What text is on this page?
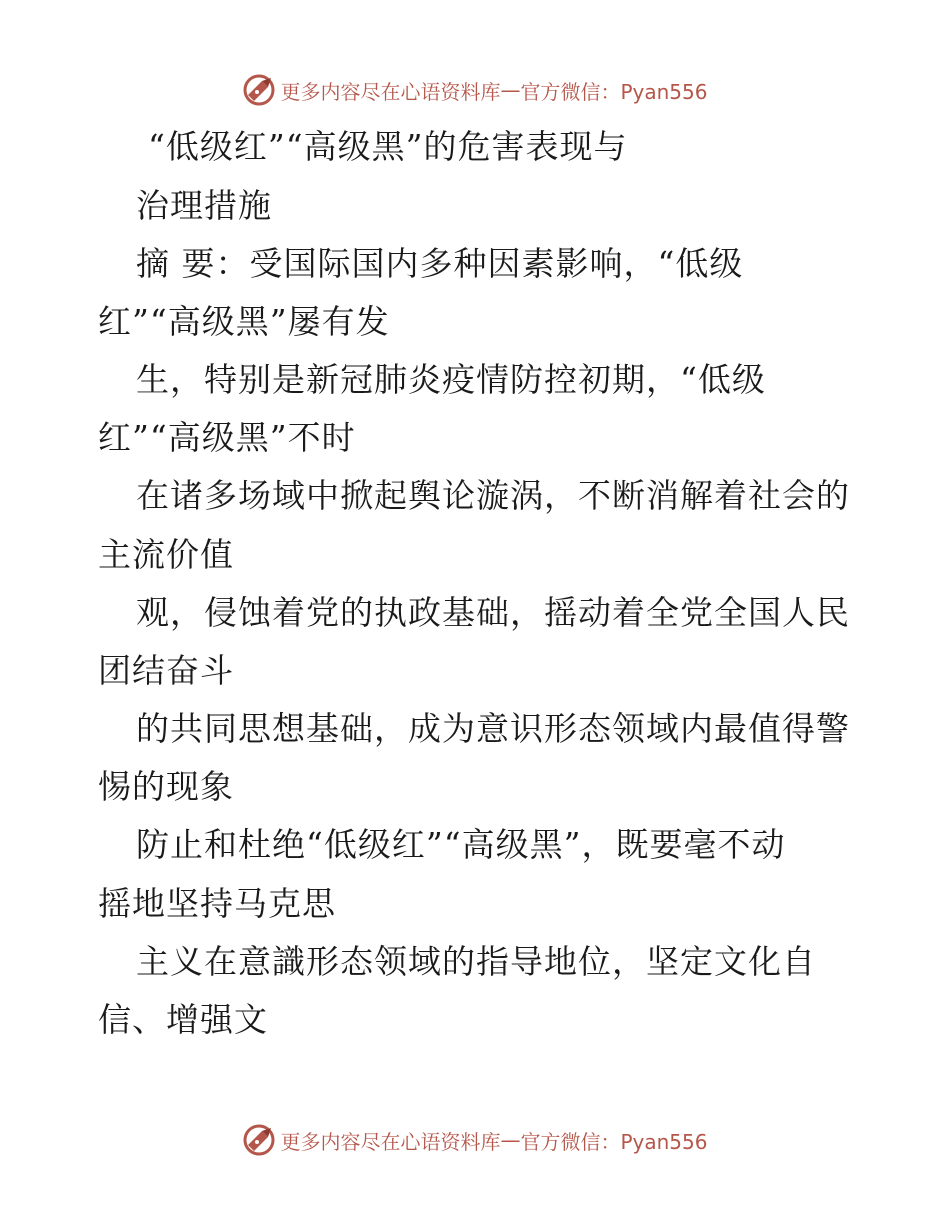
更多内容尽在心语资料库 — 官方微信：Pyan556
“低级红”“高级黑”的危害表现与
治理措施
摘 要：受国际国内多种因素影响，“低级
红”“高级黑”屡有发
生，特别是新冠肺炎疫情防控初期，“低级
红”“高级黑”不时
在诸多场域中掀起舆论漩涡，不断消解着社会的
主流价值
观，侵蚀着党的执政基础，摇动着全党全国人民
团结奋斗
的共同思想基础，成为意识形态领域内最值得警
惕的现象
防止和杜绝“低级红”“高级黑”，既要毫不动
摇地坚持马克思
主义在意識形态领域的指导地位，坚定文化自
信、增强文
更多内容尽在心语资料库 — 官方微信：Pyan556
